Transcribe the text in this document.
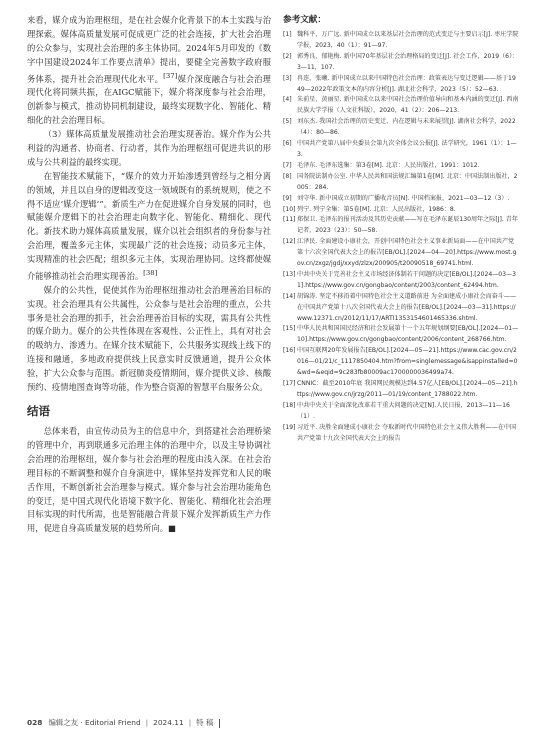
来看，媒介成为治理枢纽，是在社会媒介化背景下的本土实践与治理探索。媒体高质量发展可促成更广泛的社会连接，扩大社会治理的公众参与，实现社会治理的多主体协同。2024年5月印发的《数字中国建设2024年工作要点清单》提出，要健全完善数字政府服务体系，提升社会治理现代化水平。[37]媒介深度融合与社会治理现代化将同频共振，在AIGC赋能下，媒介将深度参与社会治理，创新参与模式，推动协同机制建设，最终实现数字化、智能化、精细化的社会治理目标。

（3）媒体高质量发展推动社会治理实现善治。媒介作为公共利益的沟通者、协商者、行动者，其作为治理枢纽可促进共识的形成与公共利益的最终实现。

在智能技术赋能下，“媒介的效力开始渗透到曾经与之相分离的领域，并且以自身的逻辑改变这一领域既有的系统规则，使之不得不适应‘媒介逻辑’”。新质生产力在促进媒介自身发展的同时，也赋能媒介逻辑下的社会治理走向数字化、智能化、精细化、现代化。新技术助力媒体高质量发展，媒介以社会组织者的身份参与社会治理，覆盖多元主体，实现最广泛的社会连接；动员多元主体，实现精准的社会匹配；组织多元主体，实现治理协同。这终都使媒介能够推动社会治理实现善治。[38]

媒介的公共性，促使其作为治理枢纽推动社会治理善治目标的实现。社会治理具有公共属性，公众参与是社会治理的重点，公共事务是社会治理的抓手，社会治理善治目标的实现，需具有公共性的媒介助力。媒介的公共性体现在客观性、公正性上，具有对社会的吸纳力、渗透力。在媒介技术赋能下，公共服务实现线上线下的连接和融通，多地政府提供线上民意实时反馈通道，提升公众体验，扩大公众参与范围。新冠肺炎疫情期间，媒介提供义诊、核酸预约、疫情地图查询等功能，作为整合资源的智慧平台服务公众。

结语

总体来看，由宣传动员为主的信息中介，到搭建社会治理桥梁的管理中介，再到联通多元治理主体的治理中介，以及主导协调社会治理的治理枢纽，媒介参与社会治理的程度由浅入深。在社会治理目标的不断调整和媒介自身演进中，媒体坚持发挥党和人民的喉舌作用，不断创新社会治理参与模式。媒介参与社会治理功能角色的变迁，是中国式现代化语境下数字化、智能化、精细化社会治理目标实现的时代所需，也是智能融合背景下媒介发挥新质生产力作用，促进自身高质量发展的趋势所向。■

参考文献：
[1] 魏科平，万广远. 新中国成立以来基层社会治理的范式变迁与主要启示[J]. 枣庄学院学报，2023，40（1）：91—97.
[2] 郭秀良，郁艳梅. 新中国70年基层社会治理格局的变迁[J]. 社会工作，2019（6）：3—11，107.
[3] 冉连，张曦. 新中国成立以来中国特色社会治理：政策表达与变迁逻辑——基于1949—2022年政策文本的内容分析[J]. 湖北社会科学，2023（5）：52—63.
[4] 朱前星，黄丽星. 新中国成立以来中国社会治理价值导向和基本内涵的变迁[J]. 西南民族大学学报（人文社科版），2020，41（2）：206—213.
[5] 刘东杰. 我国社会治理的历史变迁、内在逻辑与未来展望[J]. 湖南社会科学，2022（4）：80—86.
[6] 中国共产党第八届中央委员会第九次全体会议公报[J]. 法学研究，1961（1）：1—3.
[7] 毛泽东. 毛泽东选集：第3卷[M]. 北京：人民出版社，1991：1012.
[8] 国务院法制办公室. 中华人民共和国法规汇编第1卷[M]. 北京：中国法制出版社，2005：284.
[9] 刘守华. 新中国成立初期的广播收音员[N]. 中国档案报，2021—03—12（3）.
[10] 列宁. 列宁全集：第5卷[M]. 北京：人民出版社，1986：8.
[11] 郑保卫. 毛泽东的报刊活动及其历史贡献——写在毛泽东诞辰130周年之际[J]. 青年记者，2023（23）：50—58.
[12] 江泽民. 全面建设小康社会，开创中国特色社会主义事业新局面——在中国共产党第十六次全国代表大会上的报告[EB/OL].[2024—04—20].https://www.most.gov.cn/zxgz/jgdj/xxyd/zlzx/200905/t20090518_69741.html.
[13] 中共中央关于完善社会主义市场经济体制若干问题的决定[EB/OL].[2024—03—31].https://www.gov.cn/gongbao/content/2003/content_62494.htm.
[14] 胡锦涛. 坚定不移沿着中国特色社会主义道路前进 为全面建成小康社会而奋斗——在中国共产党第十八次全国代表大会上的报告[EB/OL].[2024—03—31].https://www.12371.cn/2012/11/17/ARTI1353154601465336.shtml.
[15] 中华人民共和国国民经济和社会发展第十一个五年规划纲要[EB/OL].[2024—01—10].https://www.gov.cn/gongbao/content/2006/content_268766.htm.
[16] 中国互联网20年发展报告[EB/OL].[2024—05—21].https://www.cac.gov.cn/2016—01/21/c_1117850404.htm?from=singlemessage&isappinstalled=0&wd=&eqid=9c283fb80009ac1700000036499a74.
[17] CNNIC：截至2010年底 我国网民规模达到4.57亿人[EB/OL].[2024—05—21].https://www.gov.cn/jrzg/2011—01/19/content_1788022.htm.
[18] 中共中央关于全面深化改革若干重大问题的决定[N].人民日报，2013—11—16（1）.
[19] 习近平. 决胜全面建成小康社会 夺取新时代中国特色社会主义伟大胜利——在中国共产党第十九次全国代表大会上的报告
028 编辑之友 · Editorial Friend | 2024.11 | 特 稿
